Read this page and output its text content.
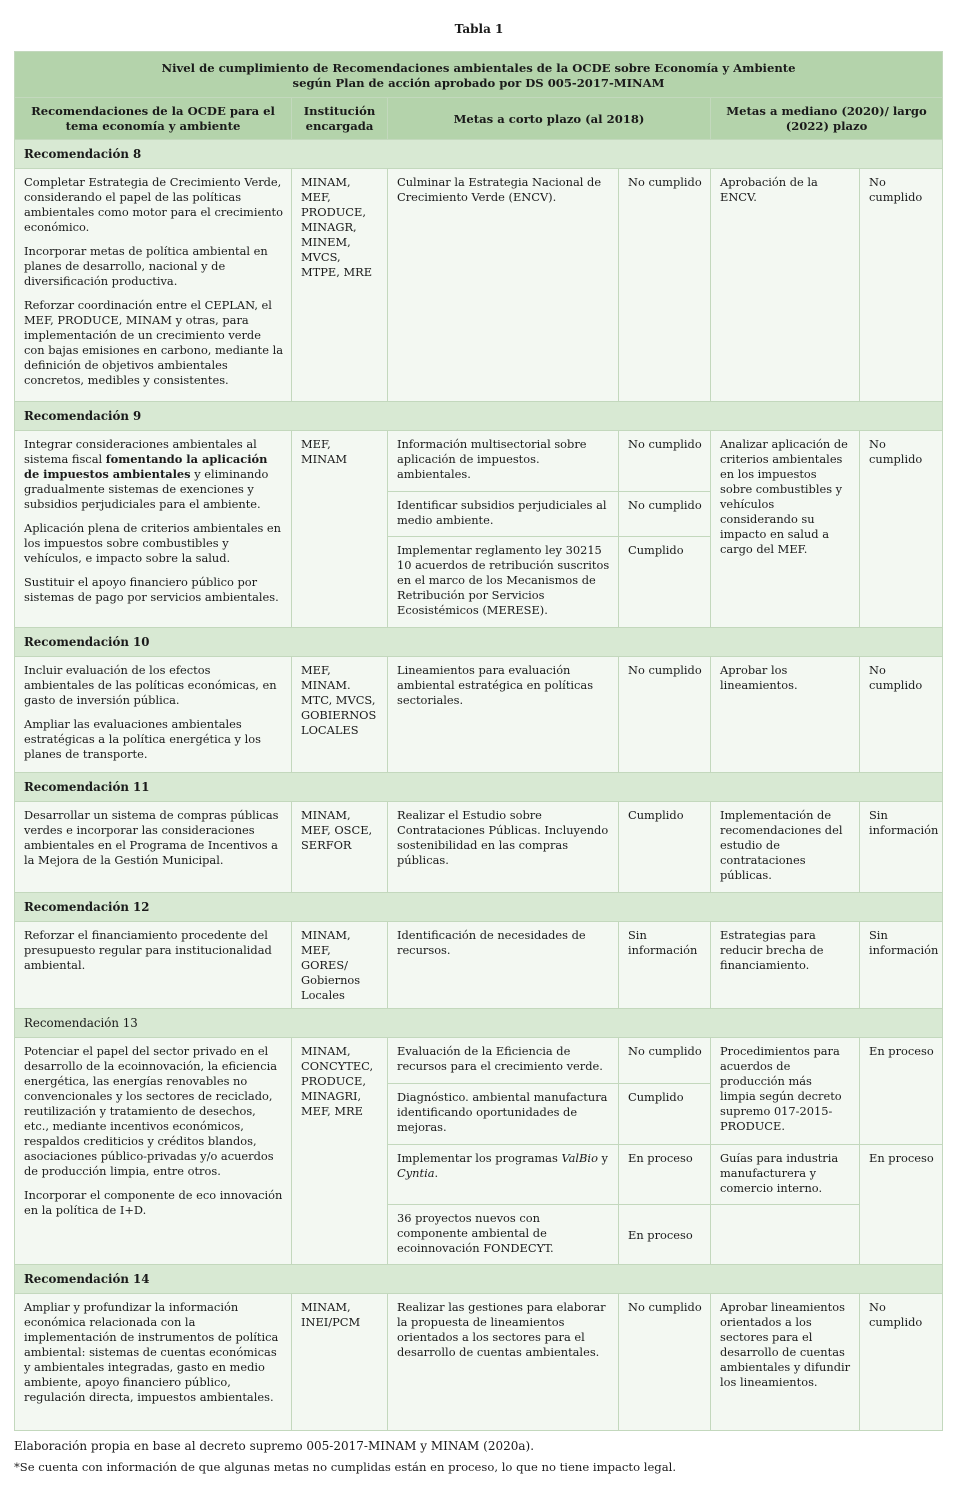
Tabla 1
Nivel de cumplimiento de Recomendaciones ambientales de la OCDE sobre Economía y Ambiente
según Plan de acción aprobado por DS 005-2017-MINAM					
Recomendaciones de la OCDE para el tema economía y ambiente	Institución encargada	Metas a corto plazo (al 2018)		Metas a mediano (2020)/ largo (2022) plazo	
Recomendación 8					

Completar Estrategia de Crecimiento Verde, considerando el papel de las políticas ambientales como motor para el crecimiento económico.
Incorporar metas de política ambiental en planes de desarrollo, nacional y de diversificación productiva.
Reforzar coordinación entre el CEPLAN, el MEF, PRODUCE, MINAM y otras, para implementación de un crecimiento verde con bajas emisiones en carbono, mediante la definición de objetivos ambientales concretos, medibles y consistentes.	MINAM, MEF, PRODUCE, MINAGR, MINEM, MVCS, MTPE, MRE	Culminar la Estrategia Nacional de Crecimiento Verde (ENCV).	No cumplido	Aprobación de la ENCV.	No cumplido
Recomendación 9					

Integrar consideraciones ambientales al sistema fiscal fomentando la aplicación de impuestos ambientales y eliminando gradualmente sistemas de exenciones y subsidios perjudiciales para el ambiente.
Aplicación plena de criterios ambientales en los impuestos sobre combustibles y vehículos, e impacto sobre la salud.
Sustituir el apoyo financiero público por sistemas de pago por servicios ambientales.	MEF, MINAM	Información multisectorial sobre aplicación de impuestos. ambientales.	No cumplido	Analizar aplicación de criterios ambientales en los impuestos sobre combustibles y vehículos considerando su impacto en salud a cargo del MEF.	No cumplido
		Identificar subsidios perjudiciales al medio ambiente.	No cumplido		
		Implementar reglamento ley 30215 10 acuerdos de retribución suscritos en el marco de los Mecanismos de Retribución por Servicios Ecosistémicos (MERESE).	Cumplido		
Recomendación 10					

Incluir evaluación de los efectos ambientales de las políticas económicas, en gasto de inversión pública.
Ampliar las evaluaciones ambientales estratégicas a la política energética y los planes de transporte.	MEF, MINAM. MTC, MVCS, GOBIERNOS LOCALES	Lineamientos para evaluación ambiental estratégica en políticas sectoriales.	No cumplido	Aprobar los lineamientos.	No cumplido
Recomendación 11					

Desarrollar un sistema de compras públicas verdes e incorporar las consideraciones ambientales en el Programa de Incentivos a la Mejora de la Gestión Municipal.	MINAM, MEF, OSCE, SERFOR	Realizar el Estudio sobre Contrataciones Públicas. Incluyendo sostenibilidad en las compras públicas.	Cumplido	Implementación de recomendaciones del estudio de contrataciones públicas.	Sin información
Recomendación 12					

Reforzar el financiamiento procedente del presupuesto regular para institucionalidad ambiental.	MINAM, MEF, GORES/ Gobiernos Locales	Identificación de necesidades de recursos.	Sin información	Estrategias para reducir brecha de financiamiento.	Sin información
Recomendación 13					

Potenciar el papel del sector privado en el desarrollo de la ecoinnovación, la eficiencia energética, las energías renovables no convencionales y los sectores de reciclado, reutilización y tratamiento de desechos, etc., mediante incentivos económicos, respaldos crediticios y créditos blandos, asociaciones público-privadas y/o acuerdos de producción limpia, entre otros.
Incorporar el componente de eco innovación en la política de I+D.	MINAM, CONCYTEC, PRODUCE, MINAGRI, MEF, MRE	Evaluación de la Eficiencia de recursos para el crecimiento verde.	No cumplido	Procedimientos para acuerdos de producción más limpia según decreto supremo 017-2015-PRODUCE.	En proceso
		Diagnóstico. ambiental manufactura identificando oportunidades de mejoras.	Cumplido		
		Implementar los programas ValBio y Cyntia.	En proceso	Guías para industria manufacturera y comercio interno.	En proceso
		36 proyectos nuevos con componente ambiental de ecoinnovación FONDECYT.	En proceso		
Recomendación 14					

Ampliar y profundizar la información económica relacionada con la implementación de instrumentos de política ambiental: sistemas de cuentas económicas y ambientales integradas, gasto en medio ambiente, apoyo financiero público, regulación directa, impuestos ambientales.	MINAM, INEI/PCM	Realizar las gestiones para elaborar la propuesta de lineamientos orientados a los sectores para el desarrollo de cuentas ambientales.	No cumplido	Aprobar lineamientos orientados a los sectores para el desarrollo de cuentas ambientales y difundir los lineamientos.	No cumplido
Elaboración propia en base al decreto supremo 005-2017-MINAM y MINAM (2020a).
*Se cuenta con información de que algunas metas no cumplidas están en proceso, lo que no tiene impacto legal.
